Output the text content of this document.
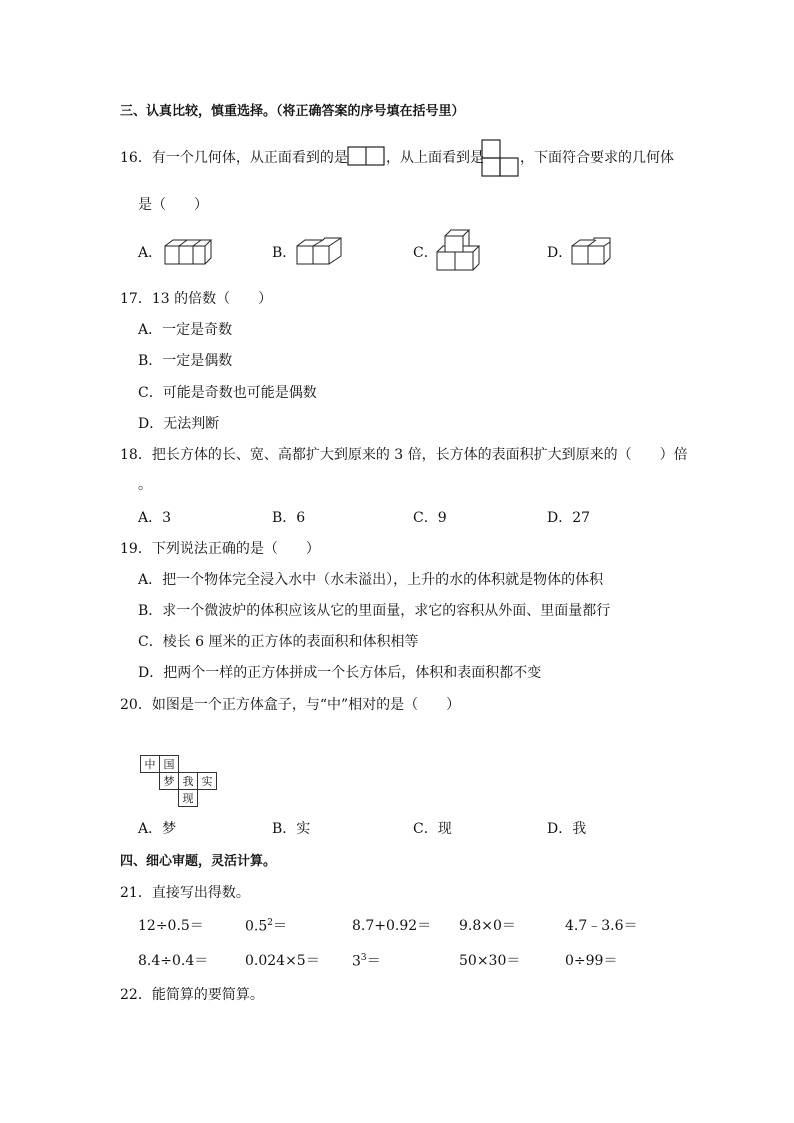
三、认真比较，慎重选择。（将正确答案的序号填在括号里）
16．有一个几何体，从正面看到的是	，从上面看到是	，下面符合要求的几何体
是（　　）
A．	B．	C．	D．
17．13 的倍数（　　）
A．一定是奇数
B．一定是偶数
C．可能是奇数也可能是偶数
D．无法判断
18．把长方体的长、宽、高都扩大到原来的 3 倍，长方体的表面积扩大到原来的（　　）倍
。
A．3	B．6	C．9	D．27
19．下列说法正确的是（　　）
A．把一个物体完全浸入水中（水未溢出），上升的水的体积就是物体的体积
B．求一个微波炉的体积应该从它的里面量，求它的容积从外面、里面量都行
C．棱长 6 厘米的正方体的表面积和体积相等
D．把两个一样的正方体拼成一个长方体后，体积和表面积都不变
20．如图是一个正方体盒子，与“中”相对的是（　　）
中	国		
	梦	我	实
		现	
A．梦	B．实	C．现	D．我
四、细心审题，灵活计算。
21．直接写出得数。
12÷0.5＝	$0.5^2=$	8.7+0.92＝ 9.8×0＝	4.7﹣3.6＝
8.4÷0.4＝	$0.024\times 5= 3^3=$	50×30＝	0÷99＝
22．能简算的要简算。
